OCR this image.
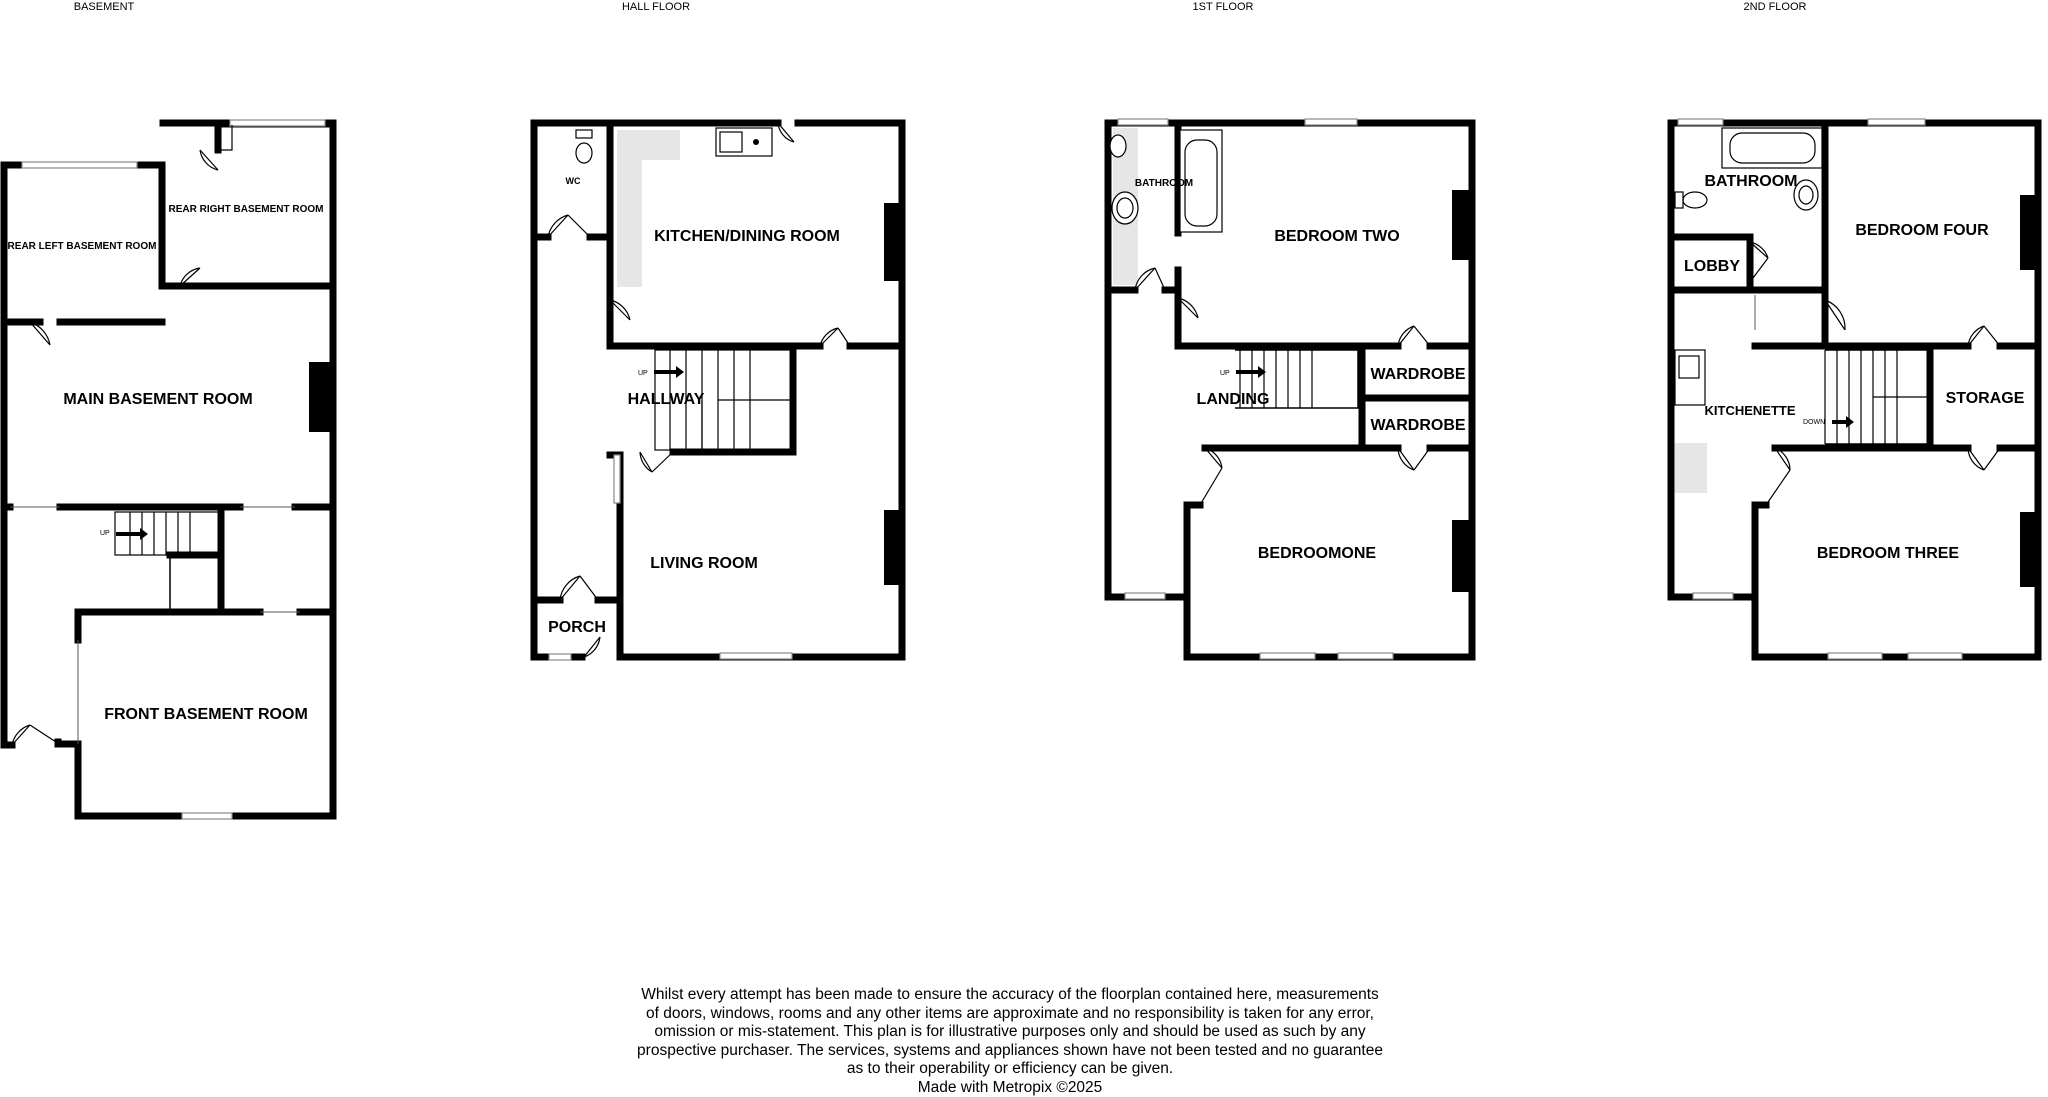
BASEMENT	HALL FLOOR	1ST FLOOR	2ND FLOOR
UP
REAR LEFT BASEMENT ROOM
REAR RIGHT BASEMENT ROOM
MAIN BASEMENT ROOM
FRONT BASEMENT ROOM
UP
WC
KITCHEN/DINING ROOM
HALLWAY
LIVING ROOM
PORCH
UP
BATHROOM
BEDROOM TWO
LANDING
WARDROBE
WARDROBE
BEDROOMONE
DOWN
BATHROOM
BEDROOM FOUR
LOBBY
KITCHENETTE
STORAGE
BEDROOM THREE
Whilst every attempt has been made to ensure the accuracy of the floorplan contained here, measurements
of doors, windows, rooms and any other items are approximate and no responsibility is taken for any error,
omission or mis-statement. This plan is for illustrative purposes only and should be used as such by any
prospective purchaser. The services, systems and appliances shown have not been tested and no guarantee
as to their operability or efficiency can be given.
Made with Metropix ©2025
